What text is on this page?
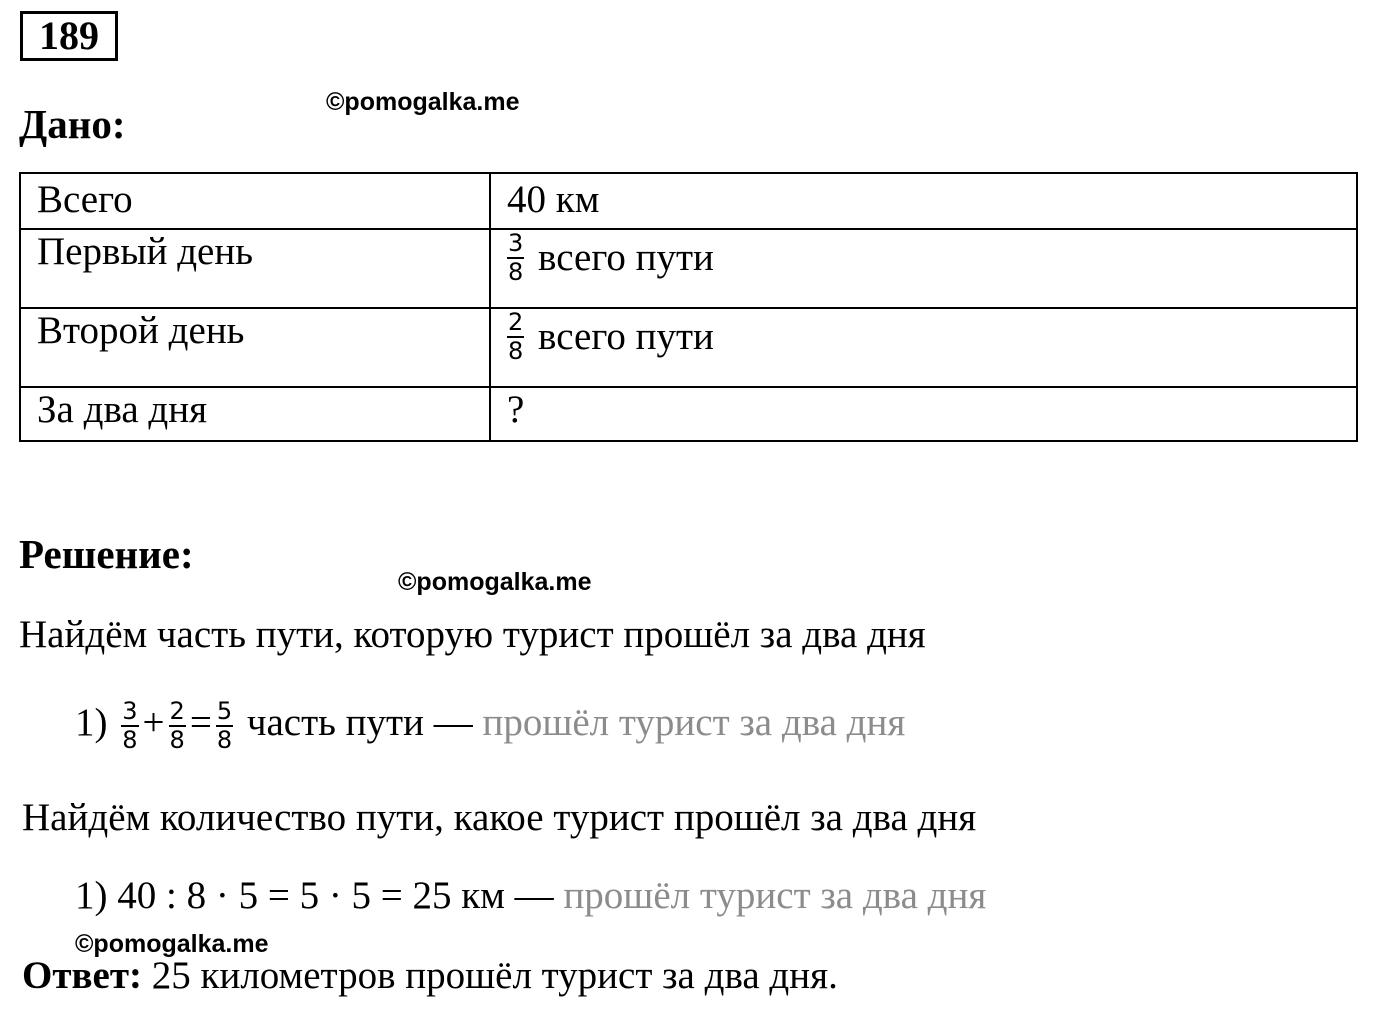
189
Дано:	©pomogalka.me
Всего	40 км
Первый день	$\frac{3}{8}$ всего пути
Второй день	$\frac{2}{8}$ всего пути
За два дня	?
Решение:
©pomogalka.me
Найдём часть пути, которую турист прошёл за два дня
$1) \frac{3}{8} + \frac{2}{8} = \frac{5}{8}$ часть пути — прошёл турист за два дня
Найдём количество пути, какое турист прошёл за два дня
1) 40 : 8 · 5 = 5 · 5 = 25 км — прошёл турист за два дня
©pomogalka.me
Ответ: 25 километров прошёл турист за два дня.
